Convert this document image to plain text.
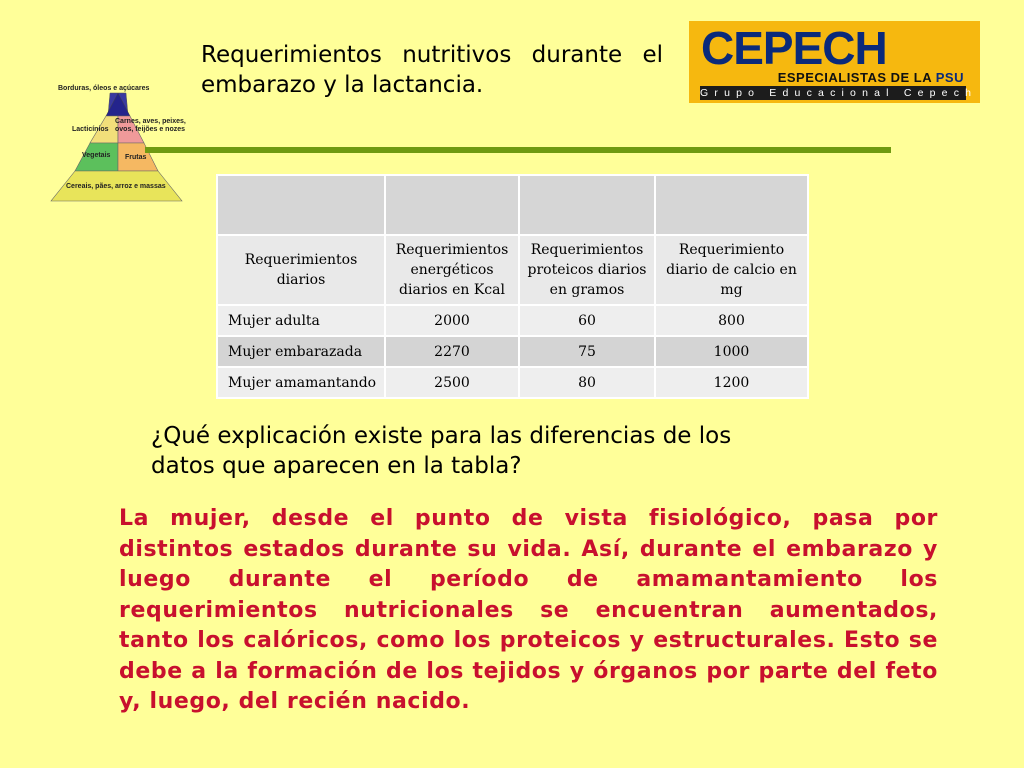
Requerimientos nutritivos durante el embarazo y la lactancia.
CEPECH
ESPECIALISTAS DE LA PSU
Grupo Educacional Cepech
Borduras, óleos e açúcares
Lacticínios
Carnes, aves, peixes, ovos, feijões e nozes
Vegetais Frutas
Cereais, pães, arroz e massas

Requerimientos diarios	Requerimientos energéticos diarios en Kcal	Requerimientos proteicos diarios en gramos	Requerimiento diario de calcio en mg
Mujer adulta	2000	60	800
Mujer embarazada	2270	75	1000
Mujer amamantando	2500	80	1200
¿Qué explicación existe para las diferencias de los datos que aparecen en la tabla?
La mujer, desde el punto de vista fisiológico, pasa por distintos estados durante su vida. Así, durante el embarazo y luego durante el período de amamantamiento los requerimientos nutricionales se encuentran aumentados, tanto los calóricos, como los proteicos y estructurales. Esto se debe a la formación de los tejidos y órganos por parte del feto y, luego, del recién nacido.
